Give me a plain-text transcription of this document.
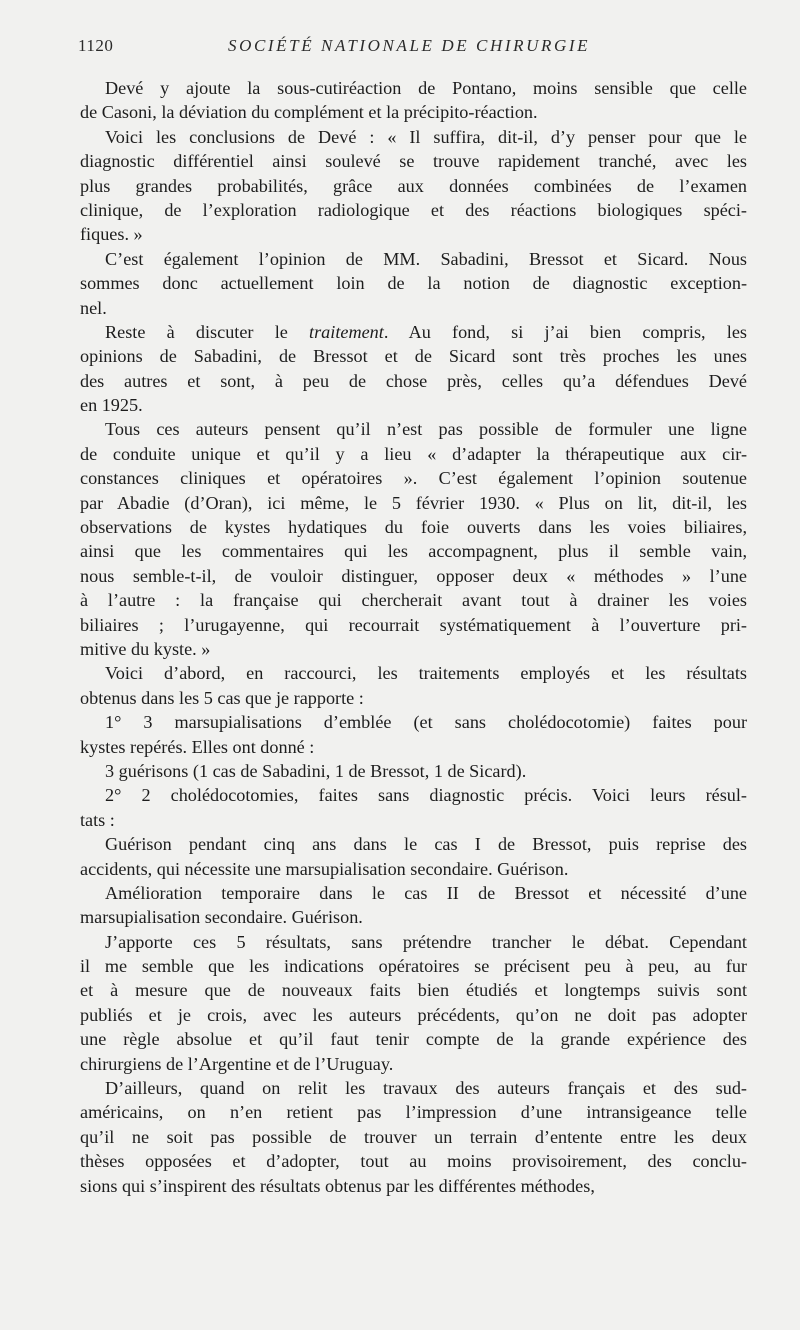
1120	SOCIÉTÉ NATIONALE DE CHIRURGIE
Devé y ajoute la sous-cutiréaction de Pontano, moins sensible que celle
de Casoni, la déviation du complément et la précipito-réaction.
Voici les conclusions de Devé : « Il suffira, dit-il, d’y penser pour que le
diagnostic différentiel ainsi soulevé se trouve rapidement tranché, avec les
plus grandes probabilités, grâce aux données combinées de l’examen
clinique, de l’exploration radiologique et des réactions biologiques spéci-
fiques. »
C’est également l’opinion de MM. Sabadini, Bressot et Sicard. Nous
sommes donc actuellement loin de la notion de diagnostic exception-
nel.
Reste à discuter le traitement. Au fond, si j’ai bien compris, les
opinions de Sabadini, de Bressot et de Sicard sont très proches les unes
des autres et sont, à peu de chose près, celles qu’a défendues Devé
en 1925.
Tous ces auteurs pensent qu’il n’est pas possible de formuler une ligne
de conduite unique et qu’il y a lieu « d’adapter la thérapeutique aux cir-
constances cliniques et opératoires ». C’est également l’opinion soutenue
par Abadie (d’Oran), ici même, le 5 février 1930. « Plus on lit, dit-il, les
observations de kystes hydatiques du foie ouverts dans les voies biliaires,
ainsi que les commentaires qui les accompagnent, plus il semble vain,
nous semble-t-il, de vouloir distinguer, opposer deux « méthodes » l’une
à l’autre : la française qui chercherait avant tout à drainer les voies
biliaires ; l’urugayenne, qui recourrait systématiquement à l’ouverture pri-
mitive du kyste. »
Voici d’abord, en raccourci, les traitements employés et les résultats
obtenus dans les 5 cas que je rapporte :
1° 3 marsupialisations d’emblée (et sans cholédocotomie) faites pour
kystes repérés. Elles ont donné :
3 guérisons (1 cas de Sabadini, 1 de Bressot, 1 de Sicard).
2° 2 cholédocotomies, faites sans diagnostic précis. Voici leurs résul-
tats :
Guérison pendant cinq ans dans le cas I de Bressot, puis reprise des
accidents, qui nécessite une marsupialisation secondaire. Guérison.
Amélioration temporaire dans le cas II de Bressot et nécessité d’une
marsupialisation secondaire. Guérison.
J’apporte ces 5 résultats, sans prétendre trancher le débat. Cependant
il me semble que les indications opératoires se précisent peu à peu, au fur
et à mesure que de nouveaux faits bien étudiés et longtemps suivis sont
publiés et je crois, avec les auteurs précédents, qu’on ne doit pas adopter
une règle absolue et qu’il faut tenir compte de la grande expérience des
chirurgiens de l’Argentine et de l’Uruguay.
D’ailleurs, quand on relit les travaux des auteurs français et des sud-
américains, on n’en retient pas l’impression d’une intransigeance telle
qu’il ne soit pas possible de trouver un terrain d’entente entre les deux
thèses opposées et d’adopter, tout au moins provisoirement, des conclu-
sions qui s’inspirent des résultats obtenus par les différentes méthodes,
